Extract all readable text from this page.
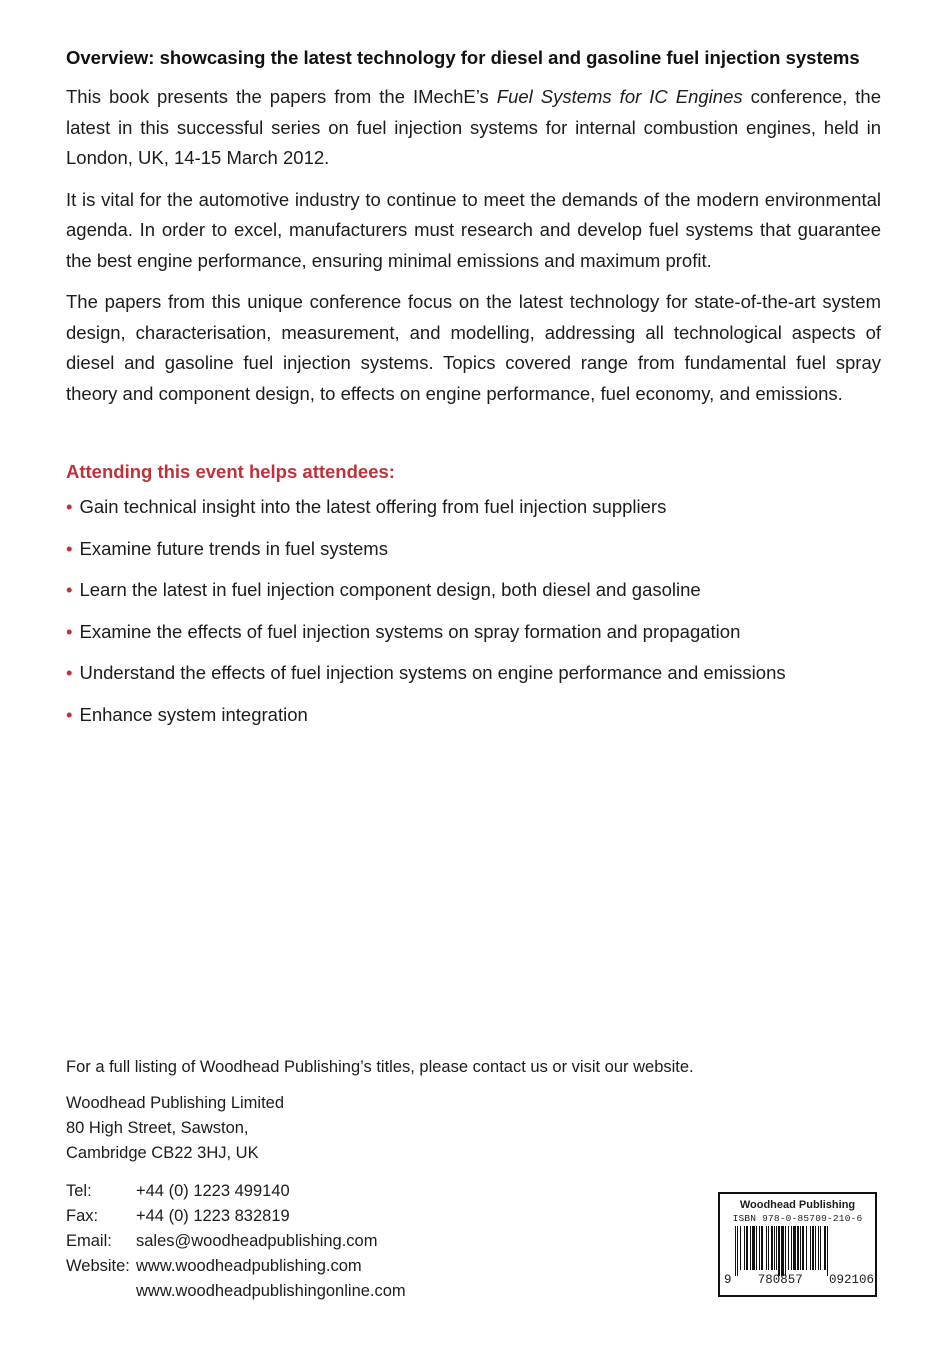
Overview: showcasing the latest technology for diesel and gasoline fuel injection systems

This book presents the papers from the IMechE’s Fuel Systems for IC Engines conference, the latest in this successful series on fuel injection systems for internal combustion engines, held in London, UK, 14-15 March 2012.

It is vital for the automotive industry to continue to meet the demands of the modern environmental agenda. In order to excel, manufacturers must research and develop fuel systems that guarantee the best engine performance, ensuring minimal emissions and maximum profit.

The papers from this unique conference focus on the latest technology for state-of-the-art system design, characterisation, measurement, and modelling, addressing all technological aspects of diesel and gasoline fuel injection systems. Topics covered range from fundamental fuel spray theory and component design, to effects on engine performance, fuel economy, and emissions.

Attending this event helps attendees:
• Gain technical insight into the latest offering from fuel injection suppliers
• Examine future trends in fuel systems
• Learn the latest in fuel injection component design, both diesel and gasoline
• Examine the effects of fuel injection systems on spray formation and propagation
• Understand the effects of fuel injection systems on engine performance and emissions
• Enhance system integration
For a full listing of Woodhead Publishing’s titles, please contact us or visit our website.
Woodhead Publishing Limited
80 High Street, Sawston,
Cambridge CB22 3HJ, UK
Tel:	+44 (0) 1223 499140
Fax:	+44 (0) 1223 832819
Email:	sales@woodheadpublishing.com
Website: www.woodheadpublishing.com
www.woodheadpublishingonline.com
Woodhead Publishing
ISBN 978-0-85709-210-6
9 780857 092106
